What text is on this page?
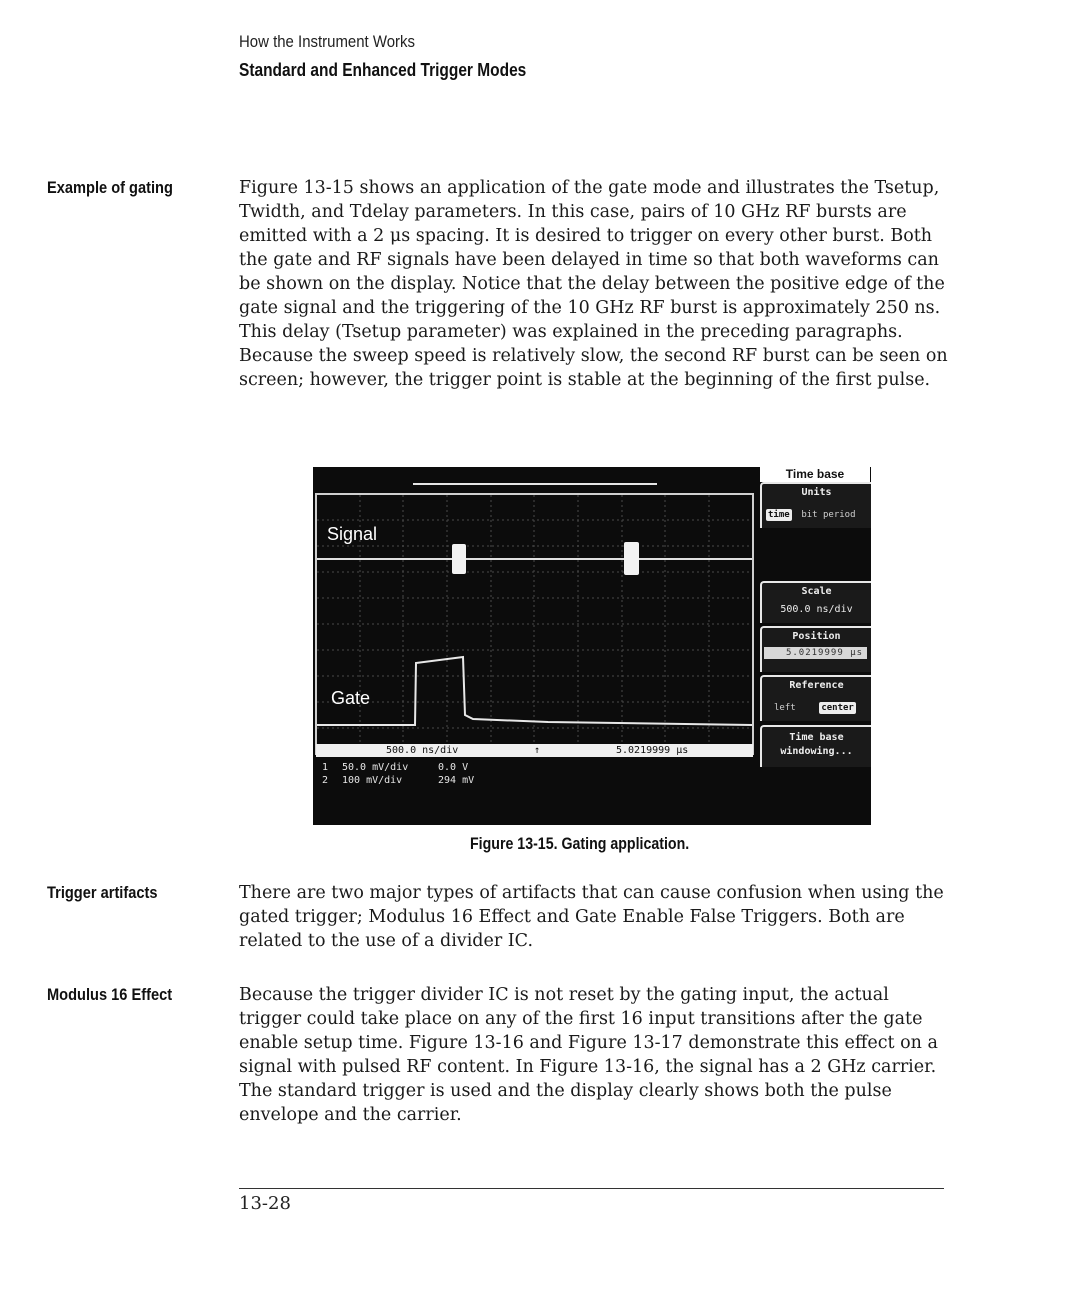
How the Instrument Works
Standard and Enhanced Trigger Modes
Example of gating	Figure 13-15 shows an application of the gate mode and illustrates the Tsetup, Twidth, and Tdelay parameters. In this case, pairs of 10 GHz RF bursts are emitted with a 2 μs spacing. It is desired to trigger on every other burst. Both the gate and RF signals have been delayed in time so that both waveforms can be shown on the display. Notice that the delay between the positive edge of the gate signal and the triggering of the 10 GHz RF burst is approximately 250 ns. This delay (Tsetup parameter) was explained in the preceding paragraphs. Because the sweep speed is relatively slow, the second RF burst can be seen on screen; however, the trigger point is stable at the beginning of the first pulse.

Signal
Gate
500.0 ns/div	↑	5.0219999 µs
1 50.0 mV/div	0.0 V
2 100 mV/div	294 mV
Time base
Units
time bit period
Scale
500.0 ns/div
Position
5.0219999 µs
Reference
left	center
Time base windowing...
Figure 13-15. Gating application.
Trigger artifacts	There are two major types of artifacts that can cause confusion when using the gated trigger; Modulus 16 Effect and Gate Enable False Triggers. Both are related to the use of a divider IC.

Modulus 16 Effect	Because the trigger divider IC is not reset by the gating input, the actual trigger could take place on any of the first 16 input transitions after the gate enable setup time. Figure 13-16 and Figure 13-17 demonstrate this effect on a signal with pulsed RF content. In Figure 13-16, the signal has a 2 GHz carrier. The standard trigger is used and the display clearly shows both the pulse envelope and the carrier.

13-28
